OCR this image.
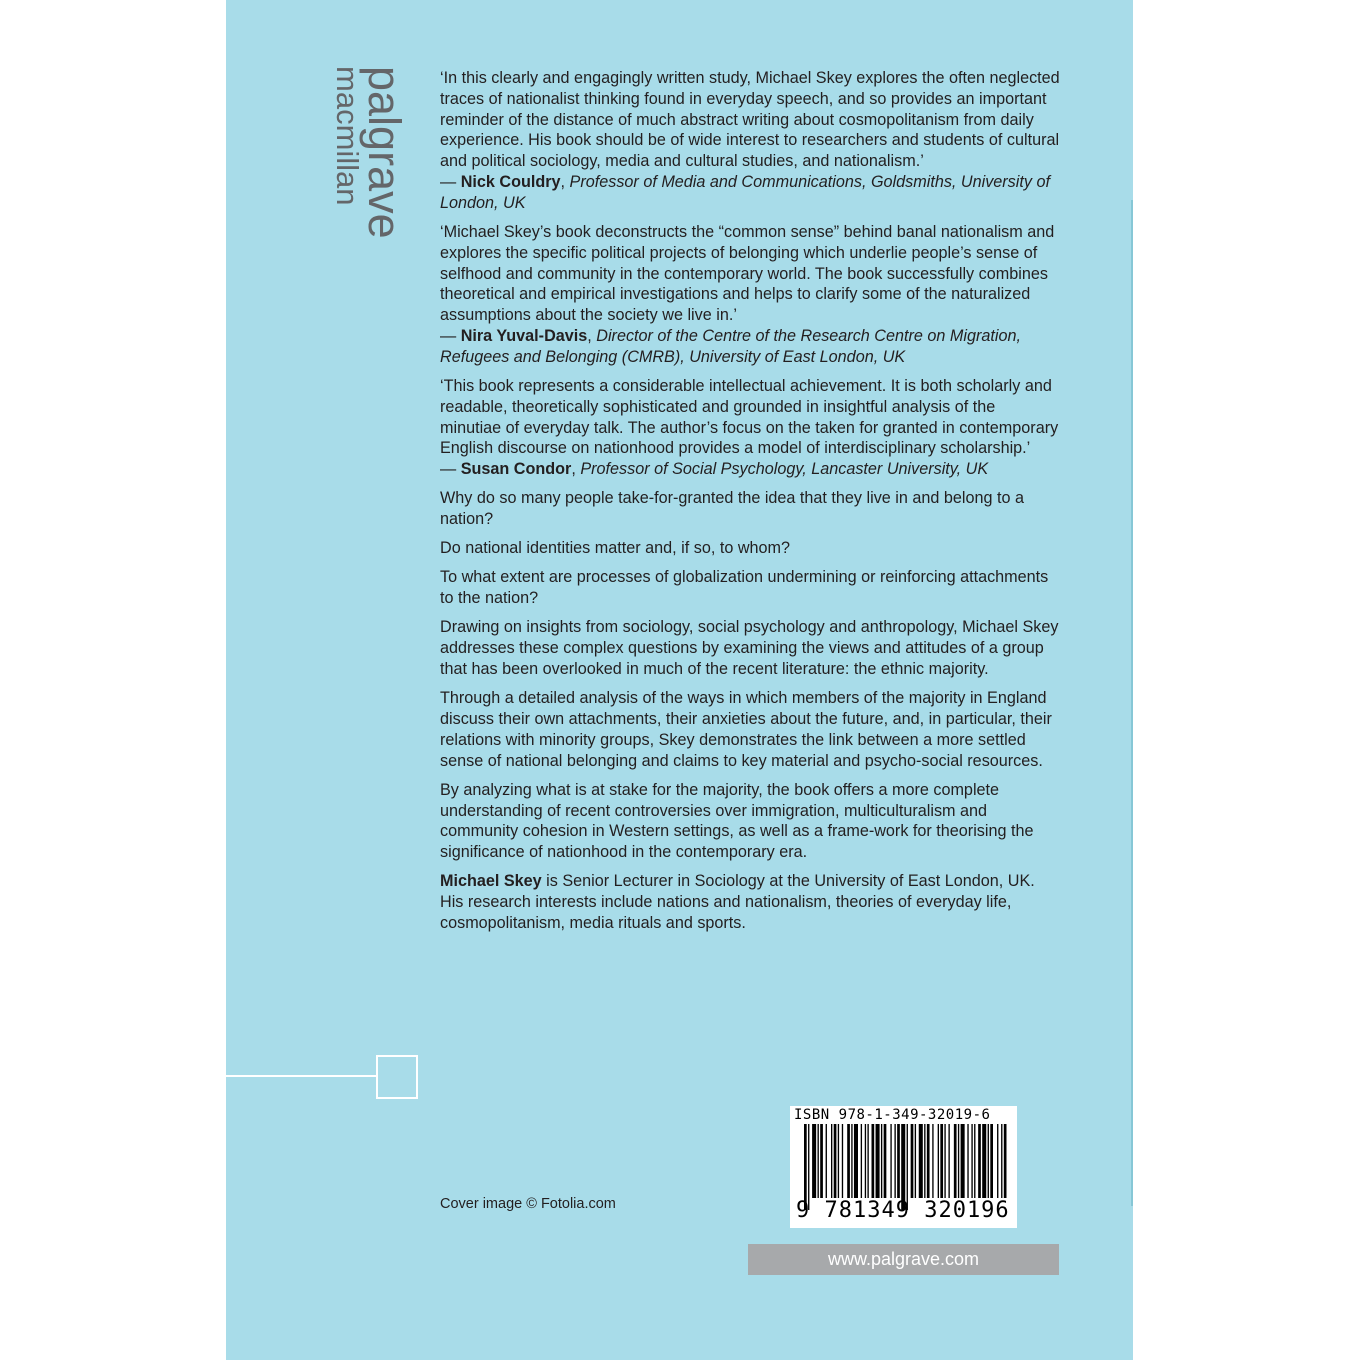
palgrave
macmillan	‘In this clearly and engagingly written study, Michael Skey explores the often neglected traces of nationalist thinking found in everyday speech, and so provides an important reminder of the distance of much abstract writing about cosmopolitanism from daily experience. His book should be of wide interest to researchers and students of cultural and political sociology, media and cultural studies, and nationalism.’

— Nick Couldry, Professor of Media and Communications, Goldsmiths, University of London, UK

‘Michael Skey’s book deconstructs the “common sense” behind banal nationalism and explores the specific political projects of belonging which underlie people’s sense of selfhood and community in the contemporary world. The book successfully combines theoretical and empirical investigations and helps to clarify some of the naturalized assumptions about the society we live in.’

— Nira Yuval-Davis, Director of the Centre of the Research Centre on Migration, Refugees and Belonging (CMRB), University of East London, UK

‘This book represents a considerable intellectual achievement. It is both scholarly and readable, theoretically sophisticated and grounded in insightful analysis of the minutiae of everyday talk. The author’s focus on the taken for granted in contemporary English discourse on nationhood provides a model of interdisciplinary scholarship.’

— Susan Condor, Professor of Social Psychology, Lancaster University, UK

Why do so many people take-for-granted the idea that they live in and belong to a nation?

Do national identities matter and, if so, to whom?

To what extent are processes of globalization undermining or reinforcing attachments to the nation?

Drawing on insights from sociology, social psychology and anthropology, Michael Skey addresses these complex questions by examining the views and attitudes of a group that has been overlooked in much of the recent literature: the ethnic majority.

Through a detailed analysis of the ways in which members of the majority in England discuss their own attachments, their anxieties about the future, and, in particular, their relations with minority groups, Skey demonstrates the link between a more settled sense of national belonging and claims to key material and psycho-social resources.

By analyzing what is at stake for the majority, the book offers a more complete understanding of recent controversies over immigration, multiculturalism and community cohesion in Western settings, as well as a frame-work for theorising the significance of nationhood in the contemporary era.

Michael Skey is Senior Lecturer in Sociology at the University of East London, UK. His research interests include nations and nationalism, theories of everyday life, cosmopolitanism, media rituals and sports.

Cover image © Fotolia.com
ISBN 978-1-349-32019-6
9 781349 320196
www.palgrave.com
